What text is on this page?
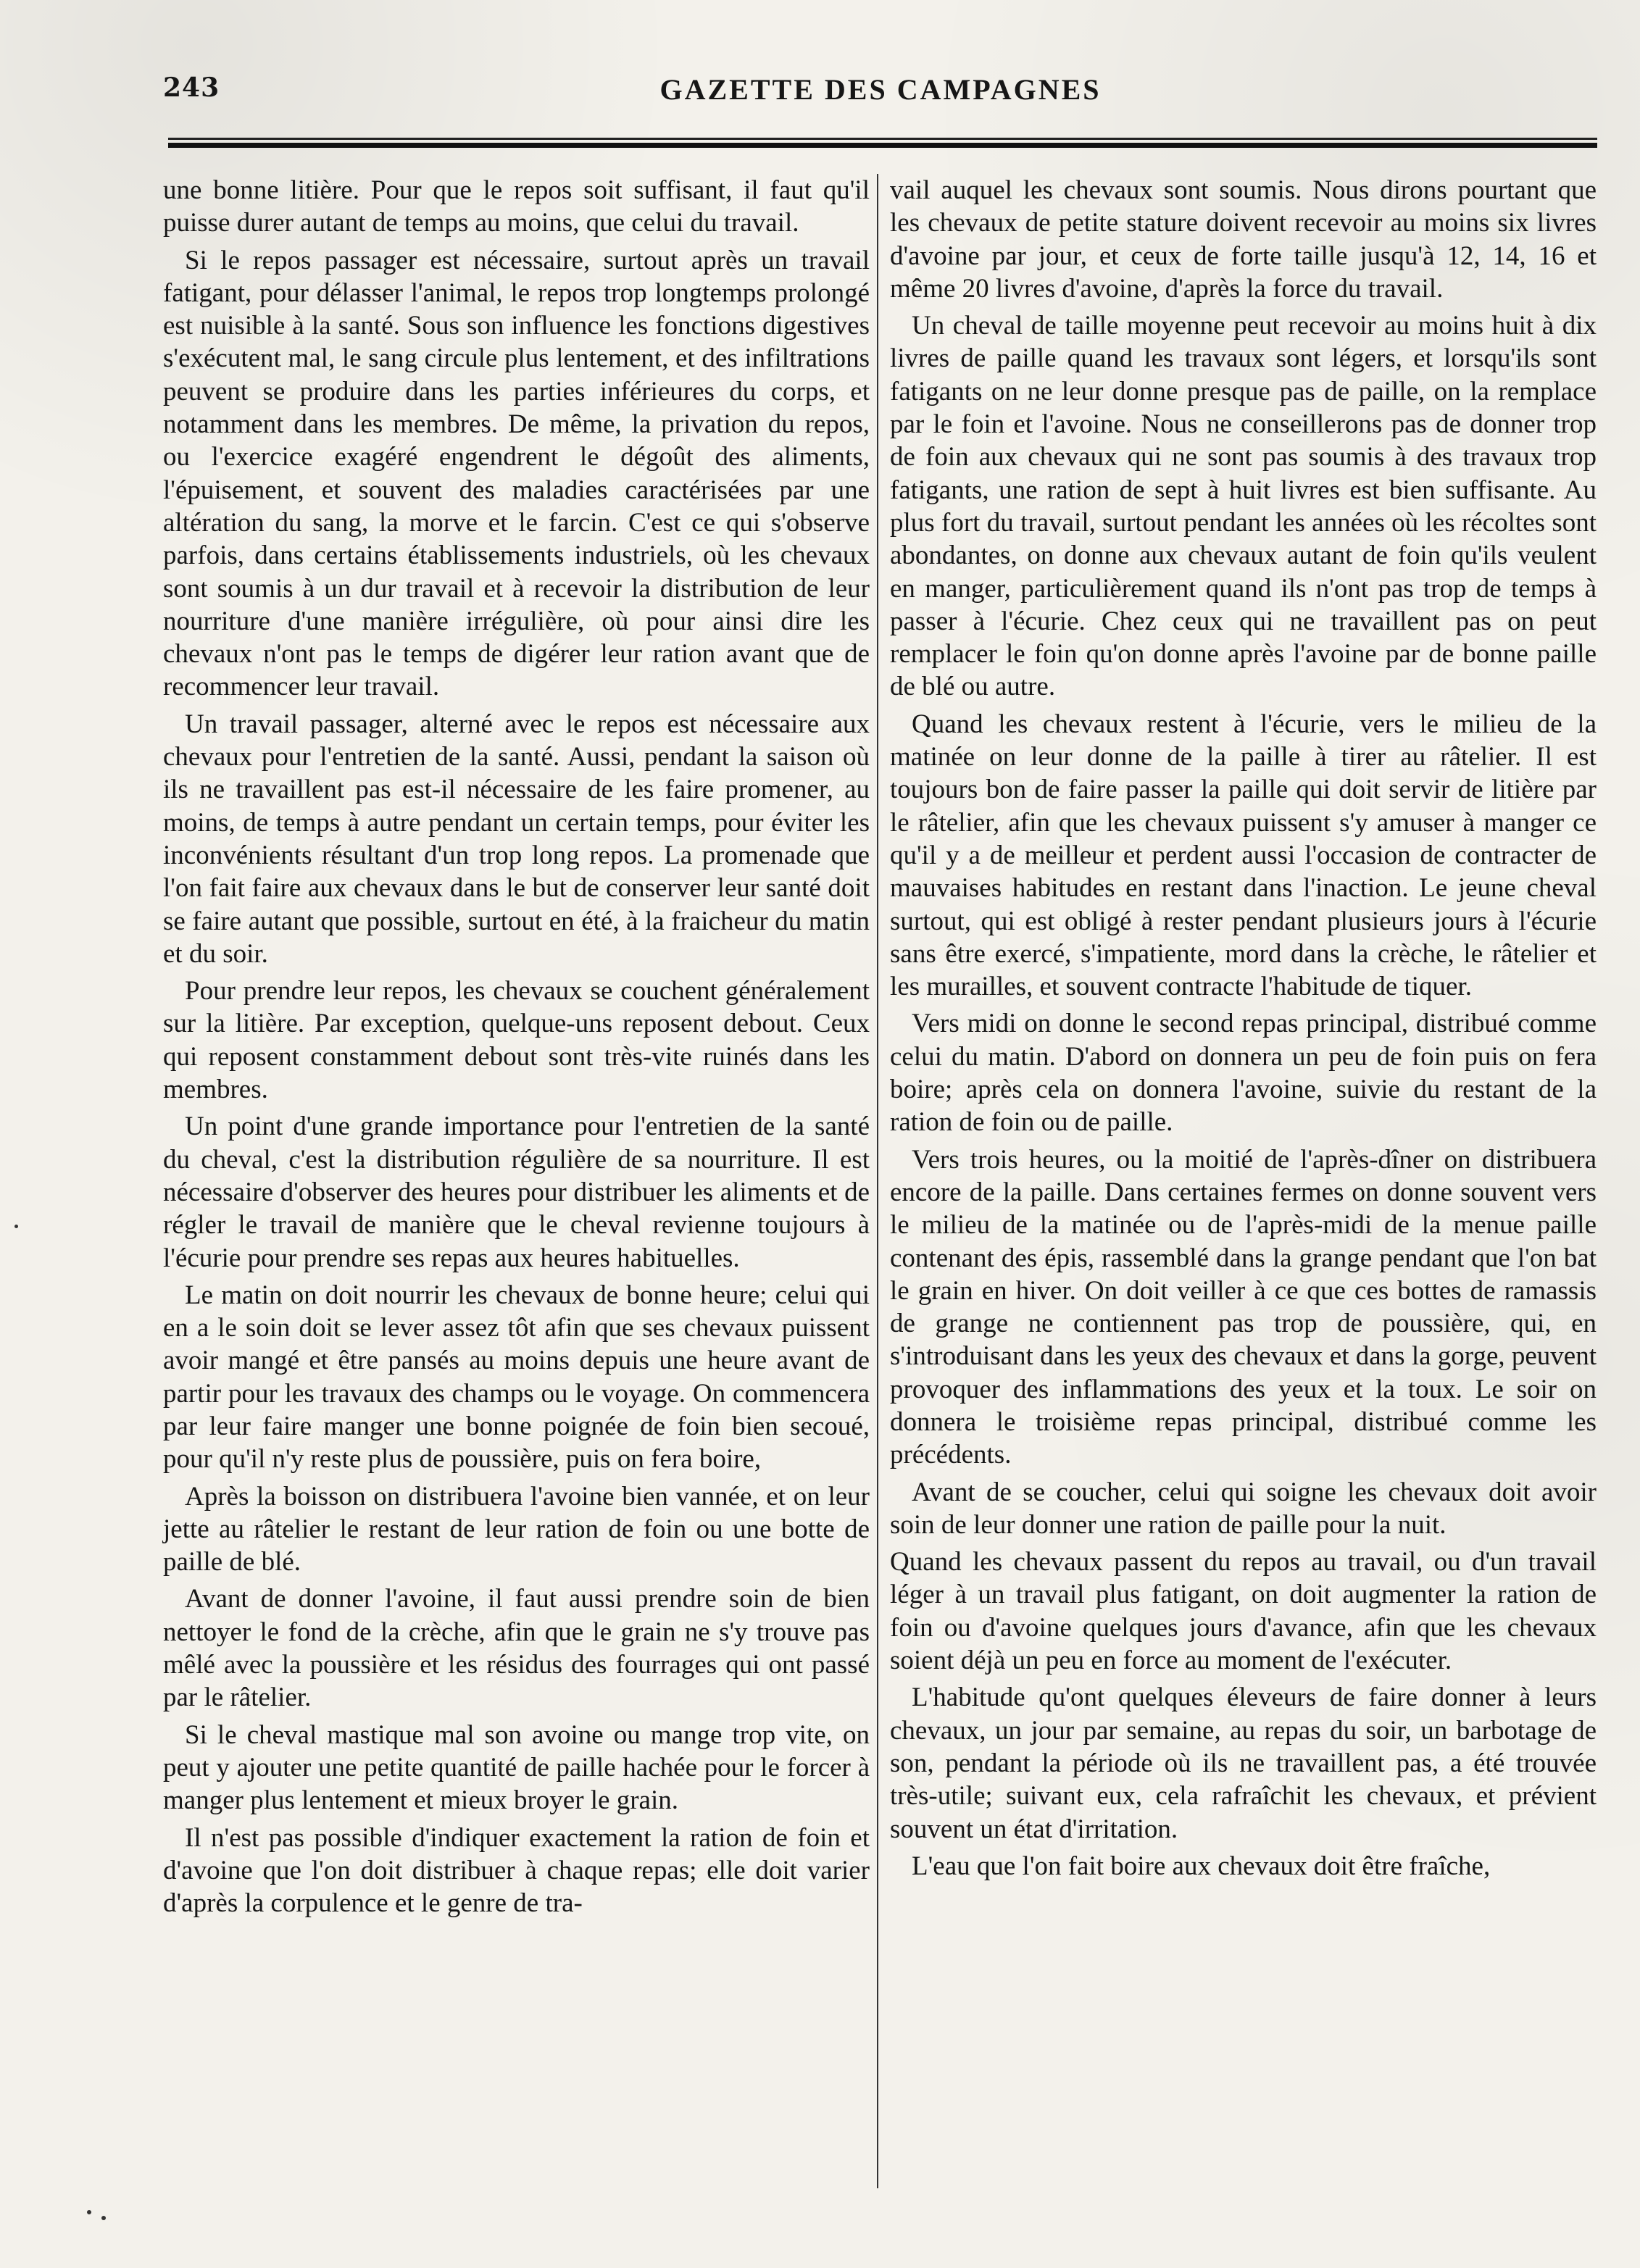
243	GAZETTE DES CAMPAGNES

une bonne litière. Pour que le repos soit suffisant, il faut qu'il puisse durer autant de temps au moins, que celui du travail.

Si le repos passager est nécessaire, surtout après un travail fatigant, pour délasser l'animal, le repos trop longtemps prolongé est nuisible à la santé. Sous son influence les fonctions digestives s'exécutent mal, le sang circule plus lentement, et des infiltrations peuvent se produire dans les parties inférieures du corps, et notamment dans les membres. De même, la privation du repos, ou l'exercice exagéré engendrent le dégoût des aliments, l'épuisement, et souvent des maladies caractérisées par une altération du sang, la morve et le farcin. C'est ce qui s'observe parfois, dans certains établissements industriels, où les chevaux sont soumis à un dur travail et à recevoir la distribution de leur nourriture d'une manière irrégulière, où pour ainsi dire les chevaux n'ont pas le temps de digérer leur ration avant que de recommencer leur travail.

Un travail passager, alterné avec le repos est nécessaire aux chevaux pour l'entretien de la santé. Aussi, pendant la saison où ils ne travaillent pas est-il nécessaire de les faire promener, au moins, de temps à autre pendant un certain temps, pour éviter les inconvénients résultant d'un trop long repos. La promenade que l'on fait faire aux chevaux dans le but de conserver leur santé doit se faire autant que possible, surtout en été, à la fraicheur du matin et du soir.

Pour prendre leur repos, les chevaux se couchent généralement sur la litière. Par exception, quelque-uns reposent debout. Ceux qui reposent constamment debout sont très-vite ruinés dans les membres.

Un point d'une grande importance pour l'entretien de la santé du cheval, c'est la distribution régulière de sa nourriture. Il est nécessaire d'observer des heures pour distribuer les aliments et de régler le travail de manière que le cheval revienne toujours à l'écurie pour prendre ses repas aux heures habituelles.

Le matin on doit nourrir les chevaux de bonne heure; celui qui en a le soin doit se lever assez tôt afin que ses chevaux puissent avoir mangé et être pansés au moins depuis une heure avant de partir pour les travaux des champs ou le voyage. On commencera par leur faire manger une bonne poignée de foin bien secoué, pour qu'il n'y reste plus de poussière, puis on fera boire,

Après la boisson on distribuera l'avoine bien vannée, et on leur jette au râtelier le restant de leur ration de foin ou une botte de paille de blé.

Avant de donner l'avoine, il faut aussi prendre soin de bien nettoyer le fond de la crèche, afin que le grain ne s'y trouve pas mêlé avec la poussière et les résidus des fourrages qui ont passé par le râtelier.

Si le cheval mastique mal son avoine ou mange trop vite, on peut y ajouter une petite quantité de paille hachée pour le forcer à manger plus lentement et mieux broyer le grain.

Il n'est pas possible d'indiquer exactement la ration de foin et d'avoine que l'on doit distribuer à chaque repas; elle doit varier d'après la corpulence et le genre de tra-

vail auquel les chevaux sont soumis. Nous dirons pourtant que les chevaux de petite stature doivent recevoir au moins six livres d'avoine par jour, et ceux de forte taille jusqu'à 12, 14, 16 et même 20 livres d'avoine, d'après la force du travail.

Un cheval de taille moyenne peut recevoir au moins huit à dix livres de paille quand les travaux sont légers, et lorsqu'ils sont fatigants on ne leur donne presque pas de paille, on la remplace par le foin et l'avoine. Nous ne conseillerons pas de donner trop de foin aux chevaux qui ne sont pas soumis à des travaux trop fatigants, une ration de sept à huit livres est bien suffisante. Au plus fort du travail, surtout pendant les années où les récoltes sont abondantes, on donne aux chevaux autant de foin qu'ils veulent en manger, particulièrement quand ils n'ont pas trop de temps à passer à l'écurie. Chez ceux qui ne travaillent pas on peut remplacer le foin qu'on donne après l'avoine par de bonne paille de blé ou autre.

Quand les chevaux restent à l'écurie, vers le milieu de la matinée on leur donne de la paille à tirer au râtelier. Il est toujours bon de faire passer la paille qui doit servir de litière par le râtelier, afin que les chevaux puissent s'y amuser à manger ce qu'il y a de meilleur et perdent aussi l'occasion de contracter de mauvaises habitudes en restant dans l'inaction. Le jeune cheval surtout, qui est obligé à rester pendant plusieurs jours à l'écurie sans être exercé, s'impatiente, mord dans la crèche, le râtelier et les murailles, et souvent contracte l'habitude de tiquer.

Vers midi on donne le second repas principal, distribué comme celui du matin. D'abord on donnera un peu de foin puis on fera boire; après cela on donnera l'avoine, suivie du restant de la ration de foin ou de paille.

Vers trois heures, ou la moitié de l'après-dîner on distribuera encore de la paille. Dans certaines fermes on donne souvent vers le milieu de la matinée ou de l'après-midi de la menue paille contenant des épis, rassemblé dans la grange pendant que l'on bat le grain en hiver. On doit veiller à ce que ces bottes de ramassis de grange ne contiennent pas trop de poussière, qui, en s'introduisant dans les yeux des chevaux et dans la gorge, peuvent provoquer des inflammations des yeux et la toux. Le soir on donnera le troisième repas principal, distribué comme les précédents.

Avant de se coucher, celui qui soigne les chevaux doit avoir soin de leur donner une ration de paille pour la nuit.

Quand les chevaux passent du repos au travail, ou d'un travail léger à un travail plus fatigant, on doit augmenter la ration de foin ou d'avoine quelques jours d'avance, afin que les chevaux soient déjà un peu en force au moment de l'exécuter.

L'habitude qu'ont quelques éleveurs de faire donner à leurs chevaux, un jour par semaine, au repas du soir, un barbotage de son, pendant la période où ils ne travaillent pas, a été trouvée très-utile; suivant eux, cela rafraîchit les chevaux, et prévient souvent un état d'irritation.

L'eau que l'on fait boire aux chevaux doit être fraîche,
